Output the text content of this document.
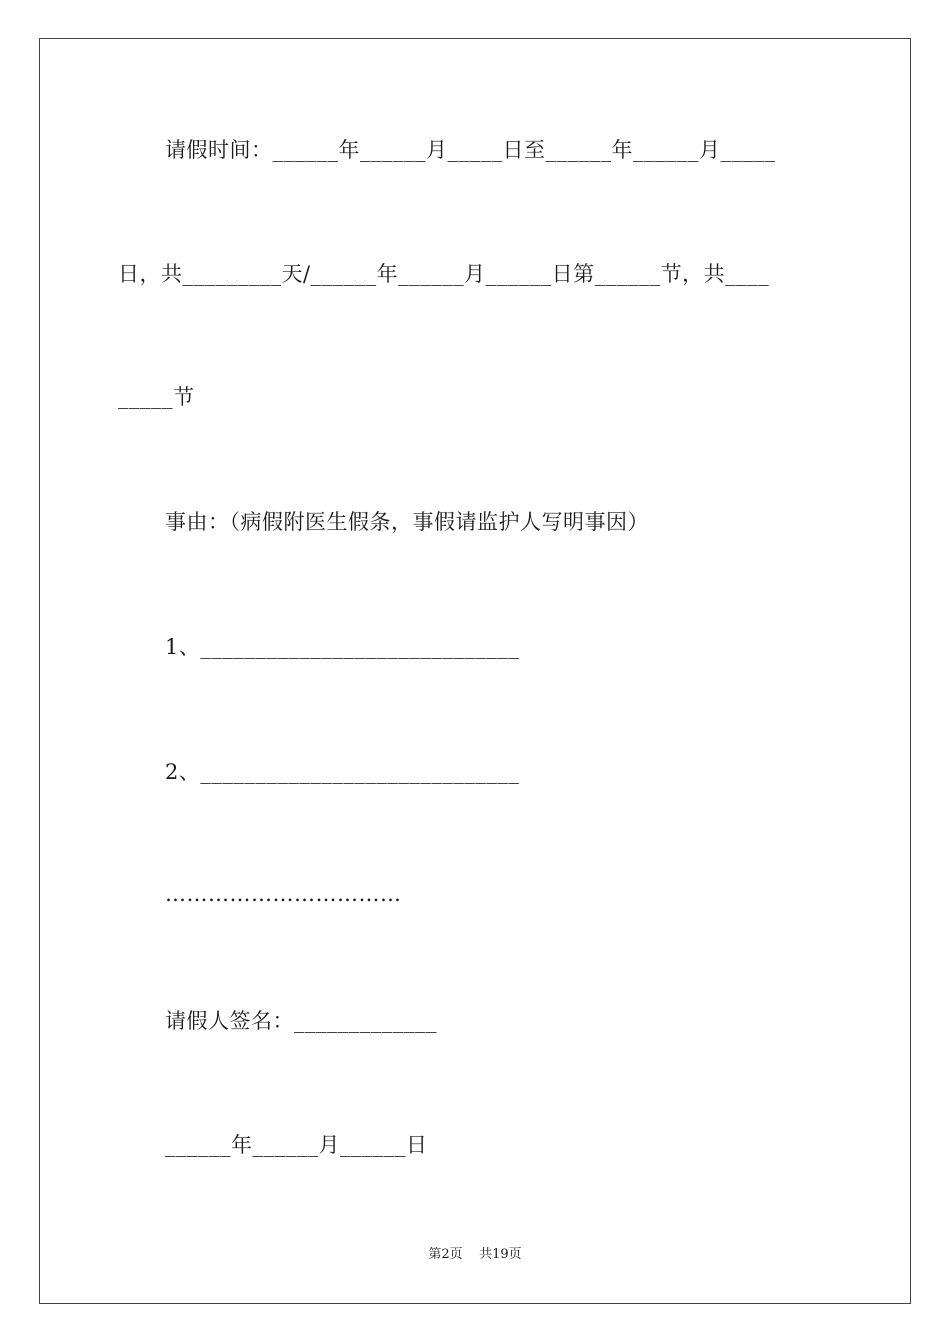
请假时间：______年______月_____日至______年______月_____
日，共_________天/______年______月______日第______节，共____
_____节
事由：（病假附医生假条，事假请监护人写明事因）
1、_____________________________
2、_____________________________
……………………………
请假人签名：_____________
______年______月______日
第2页    共19页
